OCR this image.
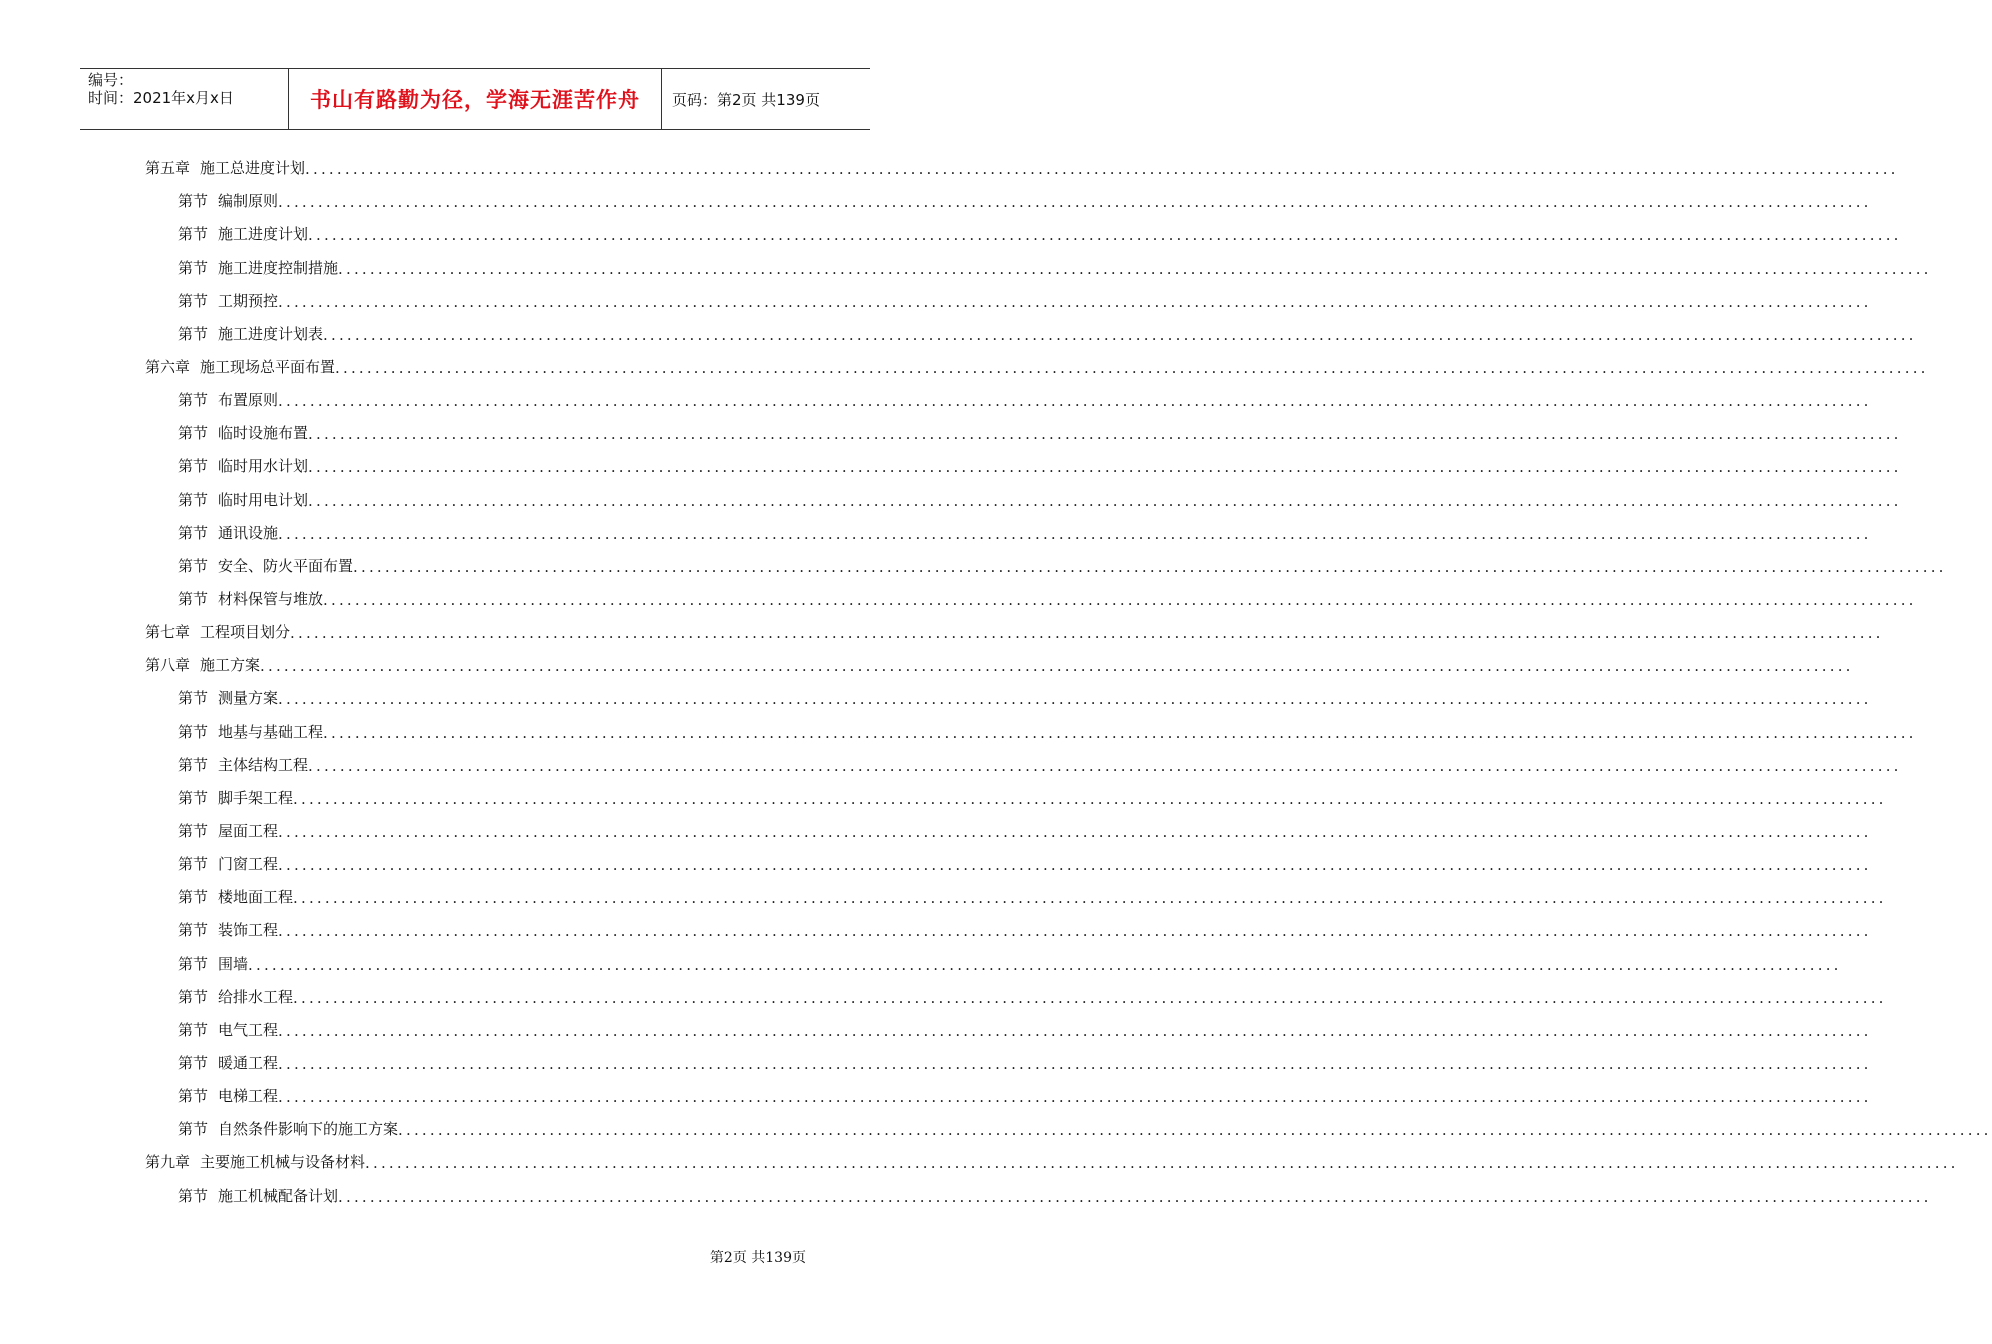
编号：
时间：2021年x月x日	书山有路勤为径，学海无涯苦作舟	页码：第2页 共139页
第五章 施工总进度计划 ........................................................................................................................................................................................................
第节 编制原则 ........................................................................................................................................................................................................
第节 施工进度计划 ........................................................................................................................................................................................................
第节 施工进度控制措施 ........................................................................................................................................................................................................
第节 工期预控 ........................................................................................................................................................................................................
第节 施工进度计划表 ........................................................................................................................................................................................................
第六章 施工现场总平面布置 ........................................................................................................................................................................................................
第节 布置原则 ........................................................................................................................................................................................................
第节 临时设施布置 ........................................................................................................................................................................................................
第节 临时用水计划 ........................................................................................................................................................................................................
第节 临时用电计划 ........................................................................................................................................................................................................
第节 通讯设施 ........................................................................................................................................................................................................
第节 安全、防火平面布置 ........................................................................................................................................................................................................
第节 材料保管与堆放 ........................................................................................................................................................................................................
第七章 工程项目划分 ........................................................................................................................................................................................................
第八章 施工方案 ........................................................................................................................................................................................................
第节 测量方案 ........................................................................................................................................................................................................
第节 地基与基础工程 ........................................................................................................................................................................................................
第节 主体结构工程 ........................................................................................................................................................................................................
第节 脚手架工程 ........................................................................................................................................................................................................
第节 屋面工程 ........................................................................................................................................................................................................
第节 门窗工程 ........................................................................................................................................................................................................
第节 楼地面工程 ........................................................................................................................................................................................................
第节 装饰工程 ........................................................................................................................................................................................................
第节 围墙 ........................................................................................................................................................................................................
第节 给排水工程 ........................................................................................................................................................................................................
第节 电气工程 ........................................................................................................................................................................................................
第节 暖通工程 ........................................................................................................................................................................................................
第节 电梯工程 ........................................................................................................................................................................................................
第节 自然条件影响下的施工方案 ........................................................................................................................................................................................................
第九章 主要施工机械与设备材料 ........................................................................................................................................................................................................
第节 施工机械配备计划 ........................................................................................................................................................................................................
第2页 共139页
